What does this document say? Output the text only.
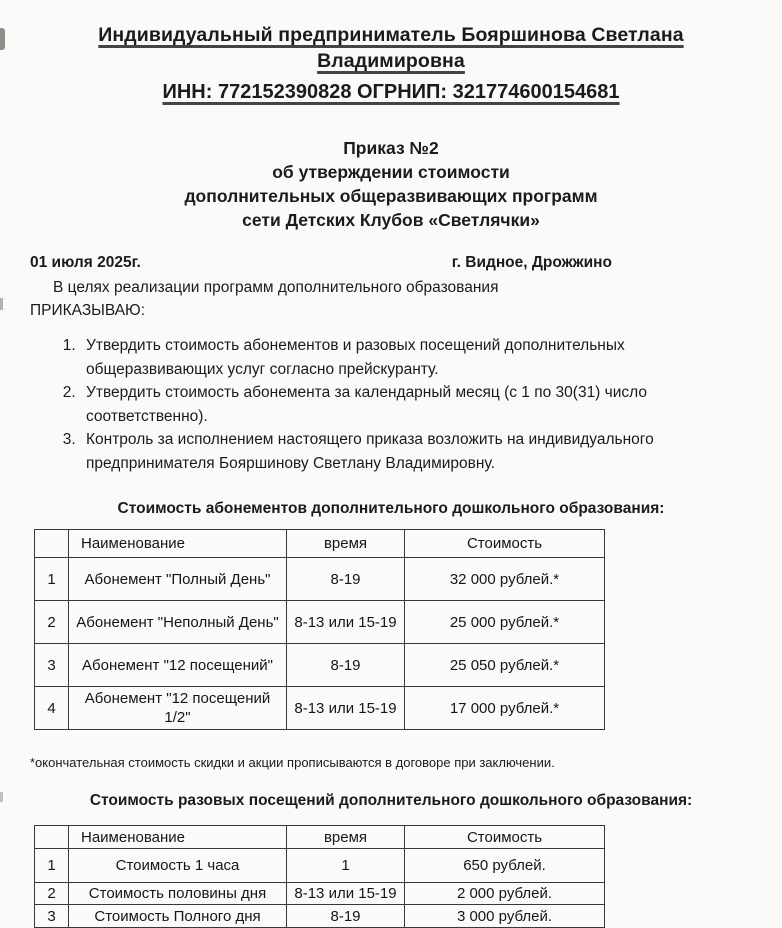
Индивидуальный предприниматель Бояршинова Светлана Владимировна
ИНН: 772152390828 ОГРНИП: 321774600154681
Приказ №2
об утверждении стоимости
дополнительных общеразвивающих программ
сети Детских Клубов «Светлячки»
01 июля 2025г.	г. Видное, Дрожжино
В целях реализации программ дополнительного образования
ПРИКАЗЫВАЮ:
1. Утвердить стоимость абонементов и разовых посещений дополнительных общеразвивающих услуг согласно прейскуранту.
2. Утвердить стоимость абонемента за календарный месяц (с 1 по 30(31) число соответственно).
3. Контроль за исполнением настоящего приказа возложить на индивидуального предпринимателя Бояршинову Светлану Владимировну.
Стоимость абонементов дополнительного дошкольного образования:
	Наименование	время	Стоимость
1	Абонемент "Полный День"	8-19	32 000 рублей.*
2	Абонемент "Неполный День"	8-13 или 15-19	25 000 рублей.*
3	Абонемент "12 посещений"	8-19	25 050 рублей.*
4	Абонемент "12 посещений 1/2"	8-13 или 15-19	17 000 рублей.*
*окончательная стоимость скидки и акции прописываются в договоре при заключении.
Стоимость разовых посещений дополнительного дошкольного образования:
	Наименование	время	Стоимость
1	Стоимость 1 часа	1	650 рублей.
2	Стоимость половины дня	8-13 или 15-19	2 000 рублей.
3	Стоимость Полного дня	8-19	3 000 рублей.
